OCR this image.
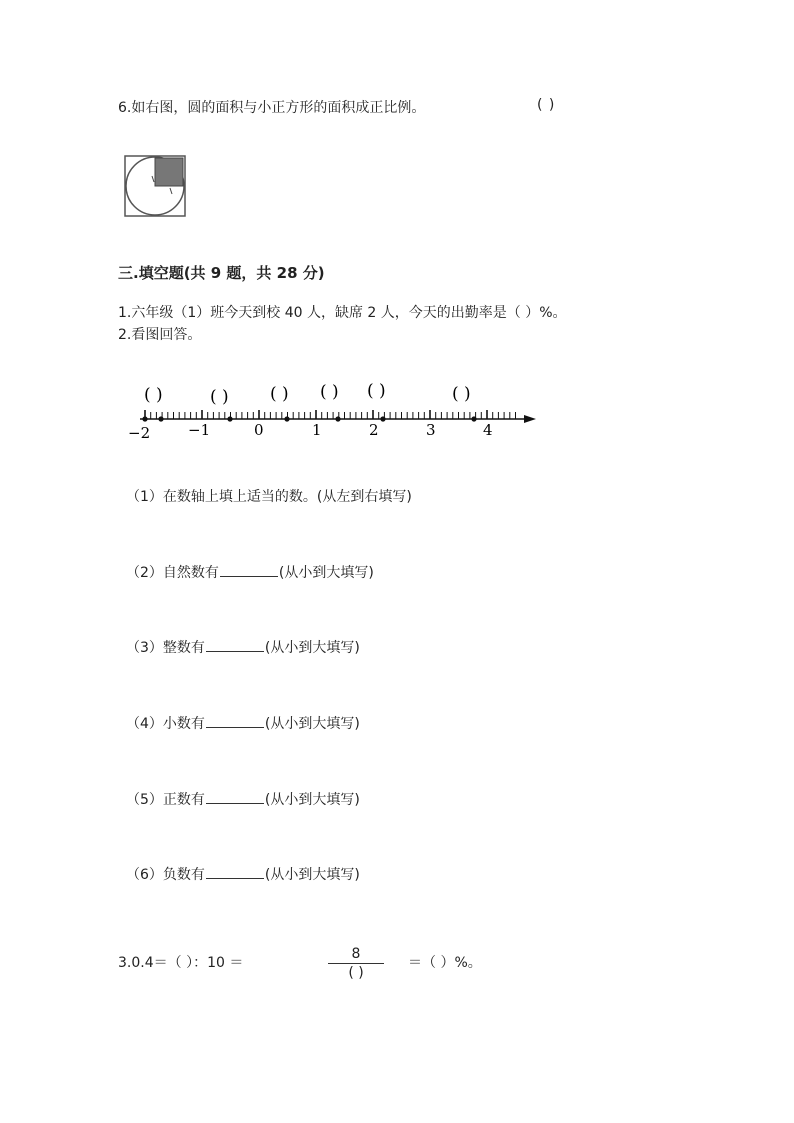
6.如右图，圆的面积与小正方形的面积成正比例。	( )
三.填空题(共 9 题，共 28 分)
1.六年级（1）班今天到校 40 人，缺席 2 人，今天的出勤率是（ ）%。
2.看图回答。
( )	( ) ( ) ( ) ( )	( )
−2	−1	0	1	2	3	4
（1）在数轴上填上适当的数。(从左到右填写)
（2）自然数有	(从小到大填写)
（3）整数有	(从小到大填写)
（4）小数有	(从小到大填写)
（5）正数有	(从小到大填写)
（6）负数有	(从小到大填写)
3.0.4＝（ ）：10 ＝
8
( )
＝（ ）%。
